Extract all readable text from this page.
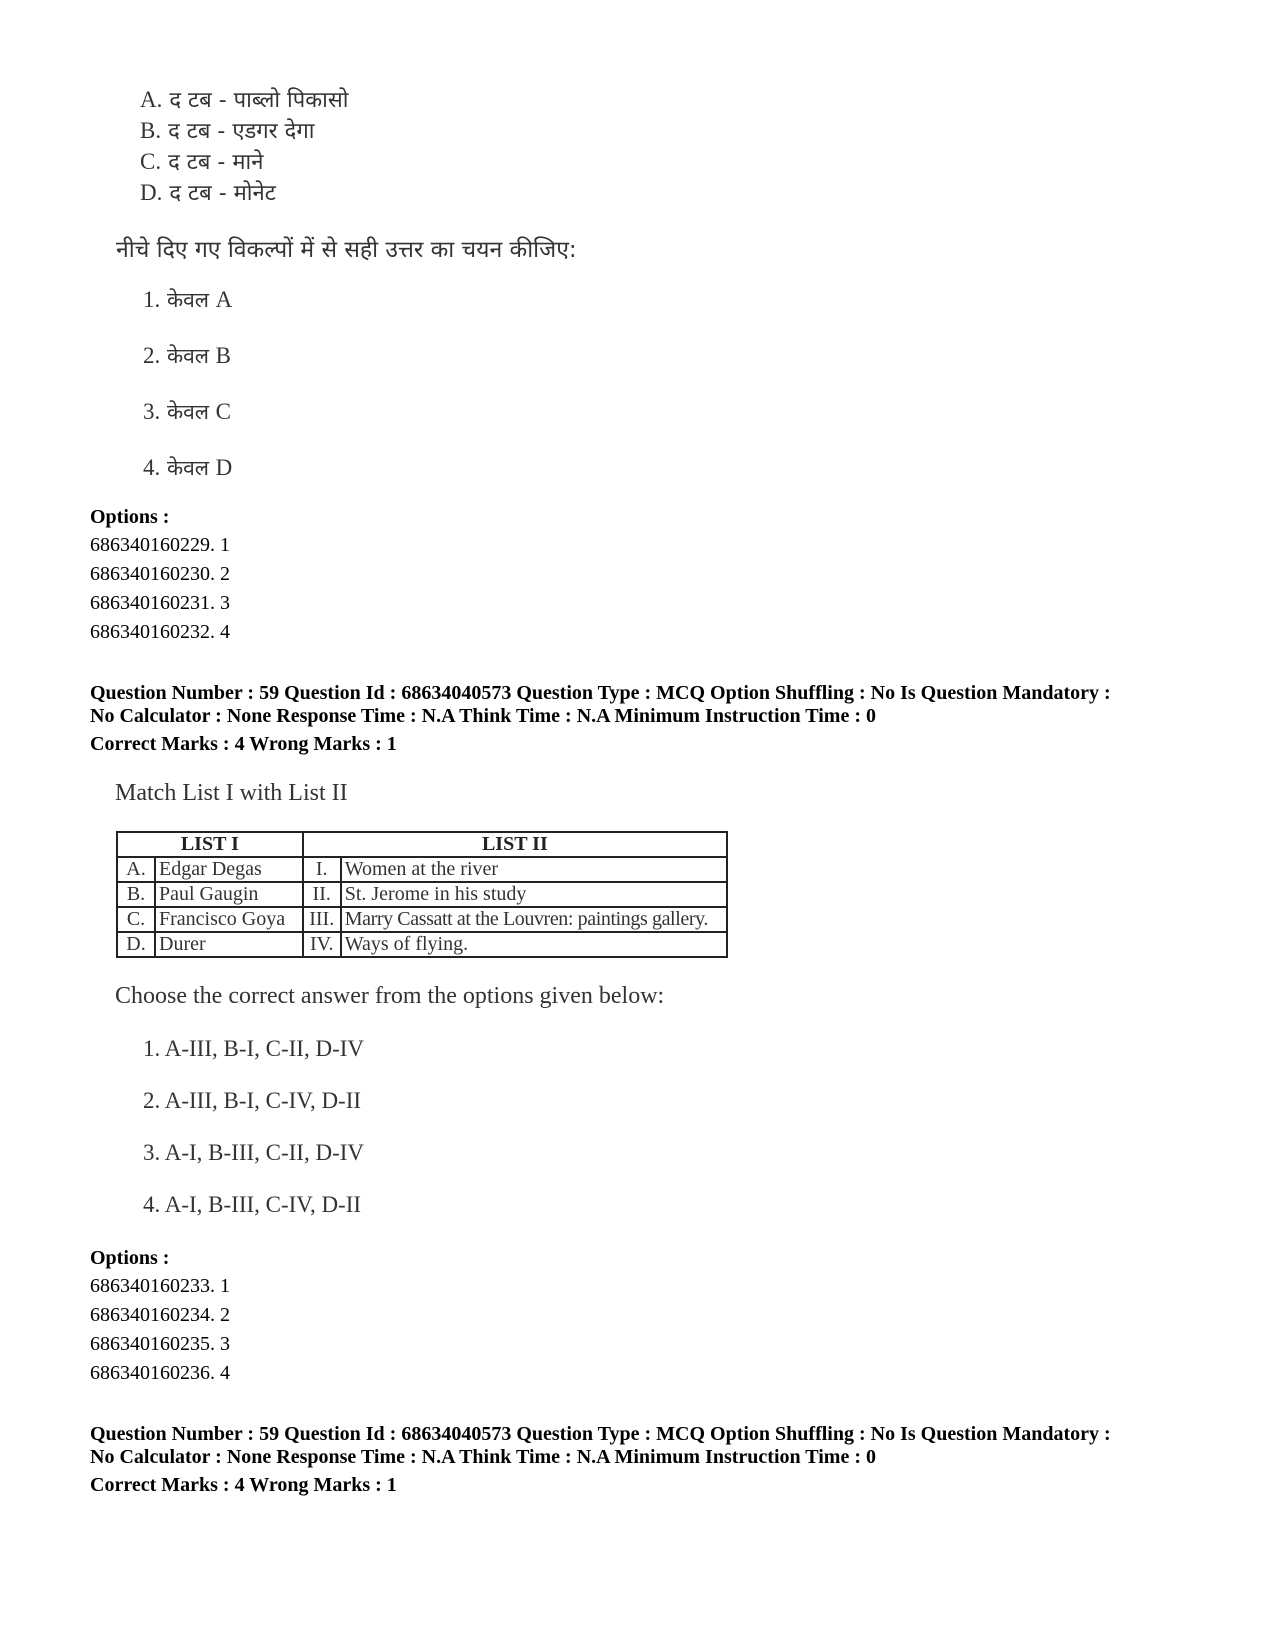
A. द टब - पाब्लो पिकासो
B. द टब - एडगर देगा
C. द टब - माने
D. द टब - मोनेट
नीचे दिए गए विकल्पों में से सही उत्तर का चयन कीजिए:
1. केवल A
2. केवल B
3. केवल C
4. केवल D
Options :
686340160229. 1
686340160230. 2
686340160231. 3
686340160232. 4
Question Number : 59 Question Id : 68634040573 Question Type : MCQ Option Shuffling : No Is Question Mandatory :
No Calculator : None Response Time : N.A Think Time : N.A Minimum Instruction Time : 0
Correct Marks : 4 Wrong Marks : 1
Match List I with List II
LIST I		LIST II	
A.	Edgar Degas	I.	Women at the river
B.	Paul Gaugin	II.	St. Jerome in his study
C.	Francisco Goya	III.	Marry Cassatt at the Louvren: paintings gallery.
D.	Durer	IV.	Ways of flying.
Choose the correct answer from the options given below:
1. A-III, B-I, C-II, D-IV
2. A-III, B-I, C-IV, D-II
3. A-I, B-III, C-II, D-IV
4. A-I, B-III, C-IV, D-II
Options :
686340160233. 1
686340160234. 2
686340160235. 3
686340160236. 4
Question Number : 59 Question Id : 68634040573 Question Type : MCQ Option Shuffling : No Is Question Mandatory :
No Calculator : None Response Time : N.A Think Time : N.A Minimum Instruction Time : 0
Correct Marks : 4 Wrong Marks : 1
